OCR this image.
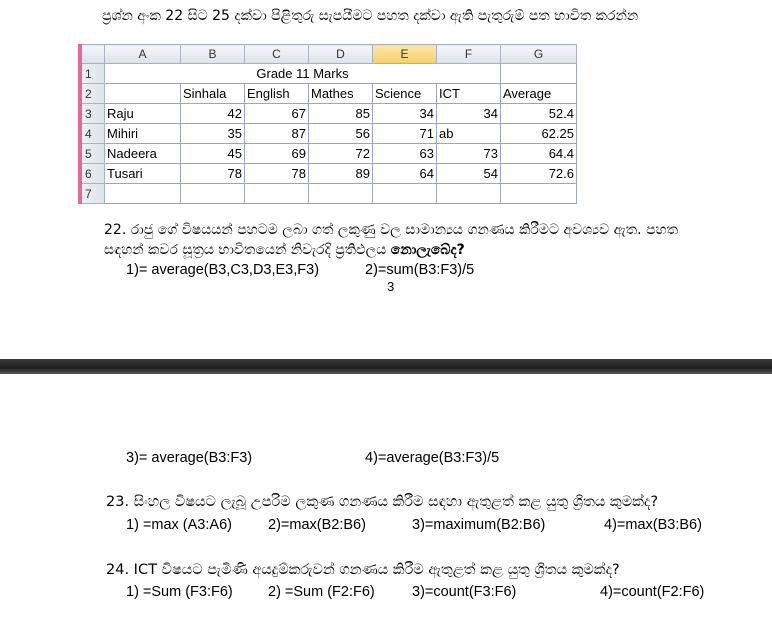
ප්‍රශ්න අංක 22 සිට 25 දක්වා පිළිතුරු සැපයීමට පහත දක්වා ඇති පැතුරුම් පත භාවිත කරන්න
	A	B	C	D	E	F	G
1	Grade 11 Marks						
2		Sinhala	English	Mathes	Science	ICT	Average
3	Raju	42	67	85	34	34	52.4
4	Mihiri	35	87	56	71	ab	62.25
5	Nadeera	45	69	72	63	73	64.4
6	Tusari	78	78	89	64	54	72.6
7							
22. රාජු ගේ විෂයයන් පහටම ලබා ගත් ලකුණු වල සාමාන්‍යය ගනණය කිරීමට අවශ්‍යව ඇත. පහත
සඳහන් කවර සූත්‍රය භාවිතයෙන් නිවැරදි ප්‍රතිඵලය නොලැබේද?
1)= average(B3,C3,D3,E3,F3)	2)=sum(B3:F3)/5
3
3)= average(B3:F3)	4)=average(B3:F3)/5
23. සිංහල විෂයට ලැබූ උපරිම ලකුණ ගනණය කිරීම සඳහා ඇතුළත් කළ යුතු ශ්‍රිතය කුමක්ද?
1) =max (A3:A6) 2)=max(B2:B6)	3)=maximum(B2:B6)	4)=max(B3:B6)
24. ICT විෂයට පැමිණි අයදුම්කරුවන් ගනණය කිරීම ඇතුළත් කළ යුතු ශ්‍රිතය කුමක්ද?
1) =Sum (F3:F6) 2) =Sum (F2:F6)	3)=count(F3:F6)	4)=count(F2:F6)
